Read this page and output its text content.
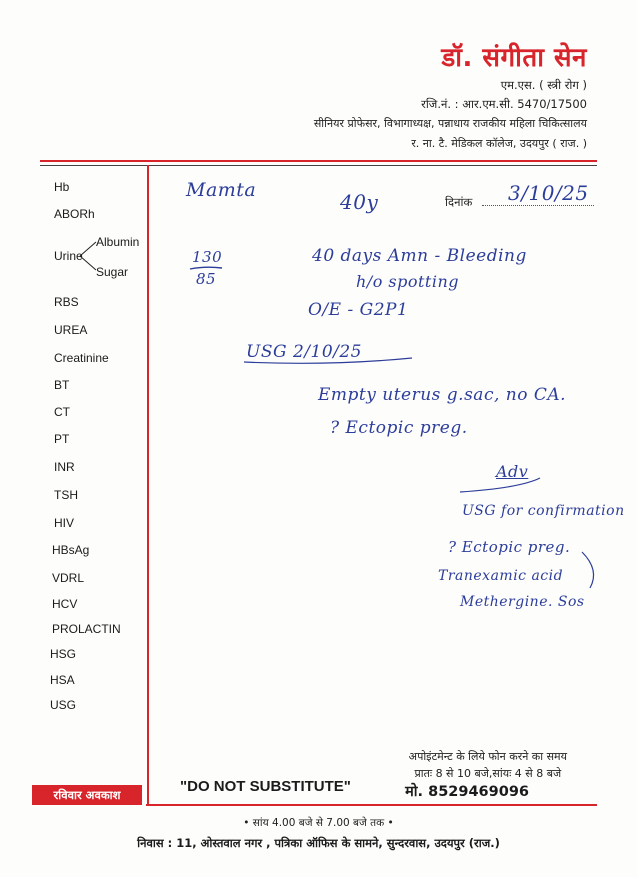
डॉ. संगीता सेन
एम.एस. ( स्त्री रोग )
रजि.नं. : आर.एम.सी. 5470/17500
सीनियर प्रोफेसर, विभागाध्यक्ष, पन्नाधाय राजकीय महिला चिकित्सालय
र. ना. टै. मेडिकल कॉलेज, उदयपुर ( राज. )
Hb
ABORh
Urine
Albumin
Sugar
RBS
UREA
Creatinine
BT
CT
PT
INR
TSH
HIV
HBsAg
VDRL
HCV
PROLACTIN
HSG
HSA
USG
दिनांक 3/10/25
Mamta	40y
130
85
40 days Amn - Bleeding
h/o spotting
O/E - G2P1
USG 2/10/25
Empty uterus g.sac, no CA.
? Ectopic preg.
Adv
USG for confirmation
? Ectopic preg.
Tranexamic acid
Methergine. Sos
रविवार अवकाश	"DO NOT SUBSTITUTE"
अपोइंटमेन्ट के लिये फोन करने का समय
प्रातः 8 से 10 बजे,सांयः 4 से 8 बजे
मो. 8529469096
• सांय 4.00 बजे से 7.00 बजे तक •
निवास : 11, ओस्तवाल नगर , पत्रिका ऑफिस के सामने, सुन्दरवास, उदयपुर (राज.)
